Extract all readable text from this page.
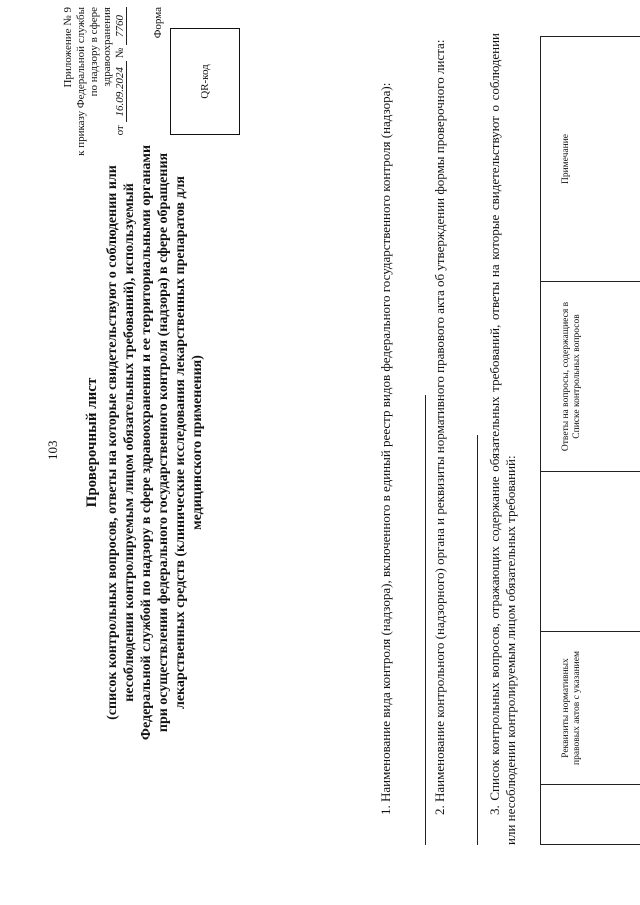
103
Приложение № 9 к приказу Федеральной службы по надзору в сфере здравоохранения
от 16.09.2024 № 7760 Форма
QR-код
Проверочный лист (список контрольных вопросов, ответы на которые свидетельствуют о соблюдении или несоблюдении контролируемым лицом обязательных требований), используемый Федеральной службой по надзору в сфере здравоохранения и ее территориальными органами при осуществлении федерального государственного контроля (надзора) в сфере обращения лекарственных средств (клинические исследования лекарственных препаратов для медицинского применения)	1. Наименование вида контроля (надзора), включенного в единый реестр видов федерального государственного контроля (надзора):	2. Наименование контрольного (надзорного) органа и реквизиты нормативного правового акта об утверждении формы проверочного листа:	3. Список контрольных вопросов, отражающих содержание обязательных требований, ответы на которые свидетельствуют о соблюдении или несоблюдении контролируемым лицом обязательных требований:
		Реквизиты нормативных правовых актов с указанием		Ответы на вопросы, содержащиеся в Списке контрольных вопросов	Примечание
